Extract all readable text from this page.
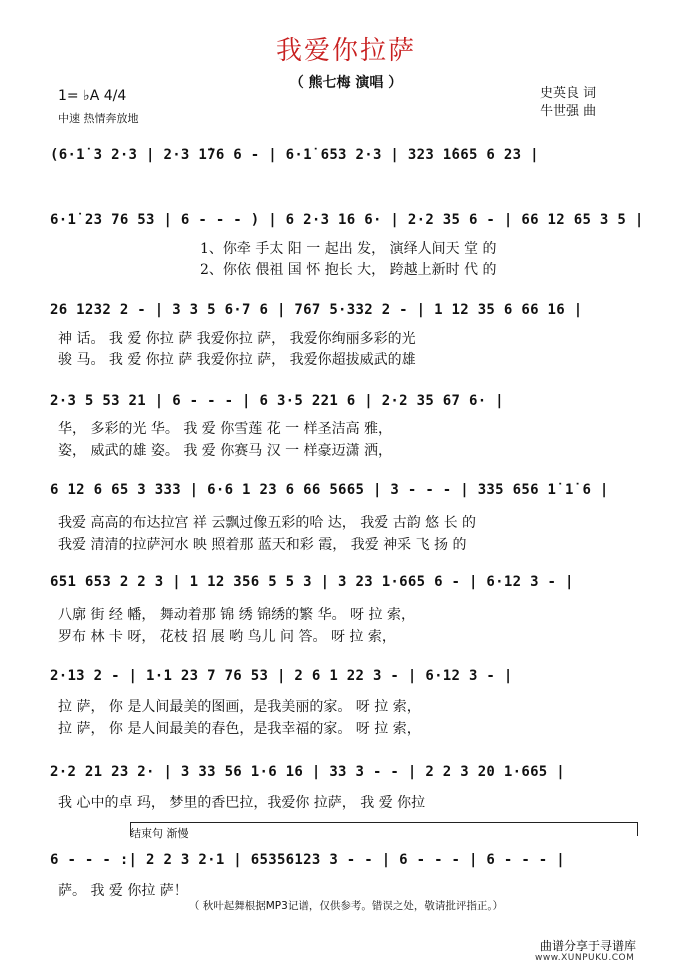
我爱你拉萨
（ 熊七梅 演唱 ）
史英良 词
牛世强 曲
1= ♭A 4/4
中速 热情奔放地
(6·1̇ 3 2·3 | 2·3 1̇76 6 - | 6·1̇ 653 2·3 | 323 1̇665 6 23 |
6·1̇ 23 76 53 | 6 - - - ) | 6 2·3 16 6· | 2·2 35 6 - | 66 12 65 3 5 |
1、你牵 手太 阳 一 起出 发， 演绎人间天 堂 的
2、你依 偎祖 国 怀 抱长 大， 跨越上新时 代 的
26 1232 2 - | 3 3 5 6·7 6 | 767 5·332 2 - | 1 12 35 6 66 16 |
神 话。 我 爱 你拉 萨 我爱你拉 萨， 我爱你绚丽多彩的光
骏 马。 我 爱 你拉 萨 我爱你拉 萨， 我爱你超拔威武的雄
2·3 5 53 21 | 6 - - - | 6 3·5 221 6 | 2·2 35 67 6· |
华， 多彩的光 华。 我 爱 你雪莲 花 一 样圣洁高 雅，
姿， 威武的雄 姿。 我 爱 你赛马 汉 一 样豪迈潇 洒，
6 12 6 65 3 333 | 6·6 1 23 6 66 5665 | 3 - - - | 335 656 1̇ 1̇ 6 |
我爱 高高的布达拉宫 祥 云飘过像五彩的哈 达， 我爱 古韵 悠 长 的
我爱 清清的拉萨河水 映 照着那 蓝天和彩 霞， 我爱 神采 飞 扬 的
651 653 2 2 3 | 1 12 356 5 5 3 | 3 23 1·665 6 - | 6·12 3 - |
八廓 街 经 幡， 舞动着那 锦 绣 锦绣的繁 华。 呀 拉 索，
罗布 林 卡 呀， 花枝 招 展 哟 鸟儿 问 答。 呀 拉 索，
2·13 2 - | 1·1 23 7 76 53 | 2 6 1 22 3 - | 6·12 3 - |
拉 萨， 你 是人间最美的图画，是我美丽的家。 呀 拉 索，
拉 萨， 你 是人间最美的春色，是我幸福的家。 呀 拉 索，
2·2 21 23 2· | 3 33 56 1·6 16 | 33 3 - - | 2 2 3 20 1·665 |
我 心中的卓 玛， 梦里的香巴拉，我爱你 拉萨， 我 爱 你拉
结束句 渐慢
6 - - - :| 2 2 3 2·1 | 65356123 3 - - | 6 - - - | 6 - - - |
萨。 我 爱 你拉 萨！
（ 秋叶起舞根据MP3记谱，仅供参考。错误之处，敬请批评指正。）
曲谱分享于寻谱库
www.XUNPUKU.COM
